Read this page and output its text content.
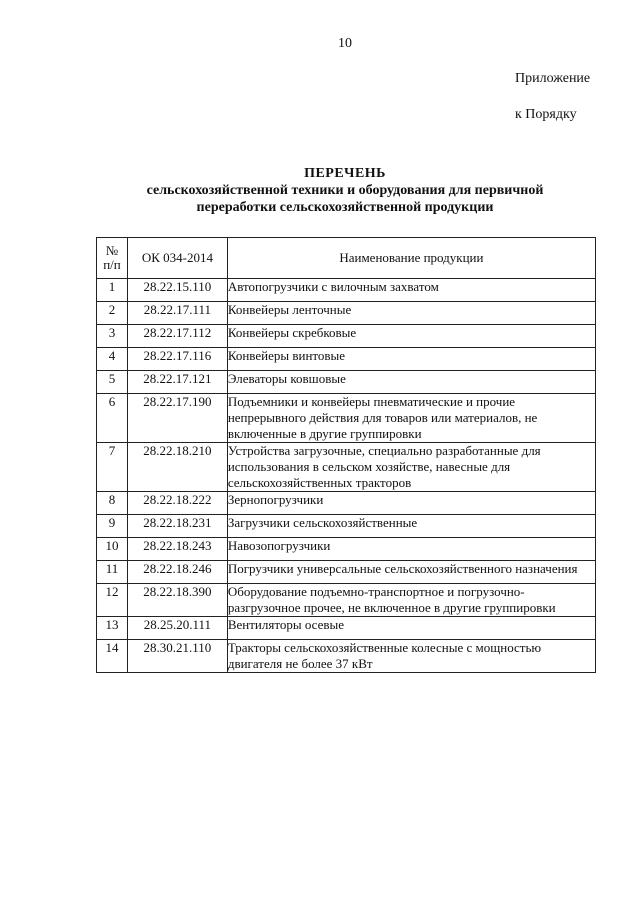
10
Приложение
к Порядку
ПЕРЕЧЕНЬ
сельскохозяйственной техники и оборудования для первичной
переработки сельскохозяйственной продукции
№
п/п	ОК 034-2014	Наименование продукции
1	28.22.15.110	Автопогрузчики с вилочным захватом
2	28.22.17.111	Конвейеры ленточные
3	28.22.17.112	Конвейеры скребковые
4	28.22.17.116	Конвейеры винтовые
5	28.22.17.121	Элеваторы ковшовые
6	28.22.17.190	Подъемники и конвейеры пневматические и прочие непрерывного действия для товаров или материалов, не включенные в другие группировки
7	28.22.18.210	Устройства загрузочные, специально разработанные для использования в сельском хозяйстве, навесные для сельскохозяйственных тракторов
8	28.22.18.222	Зернопогрузчики
9	28.22.18.231	Загрузчики сельскохозяйственные
10	28.22.18.243	Навозопогрузчики
11	28.22.18.246	Погрузчики универсальные сельскохозяйственного назначения
12	28.22.18.390	Оборудование подъемно-транспортное и погрузочно-разгрузочное прочее, не включенное в другие группировки
13	28.25.20.111	Вентиляторы осевые
14	28.30.21.110	Тракторы сельскохозяйственные колесные с мощностью двигателя не более 37 кВт
